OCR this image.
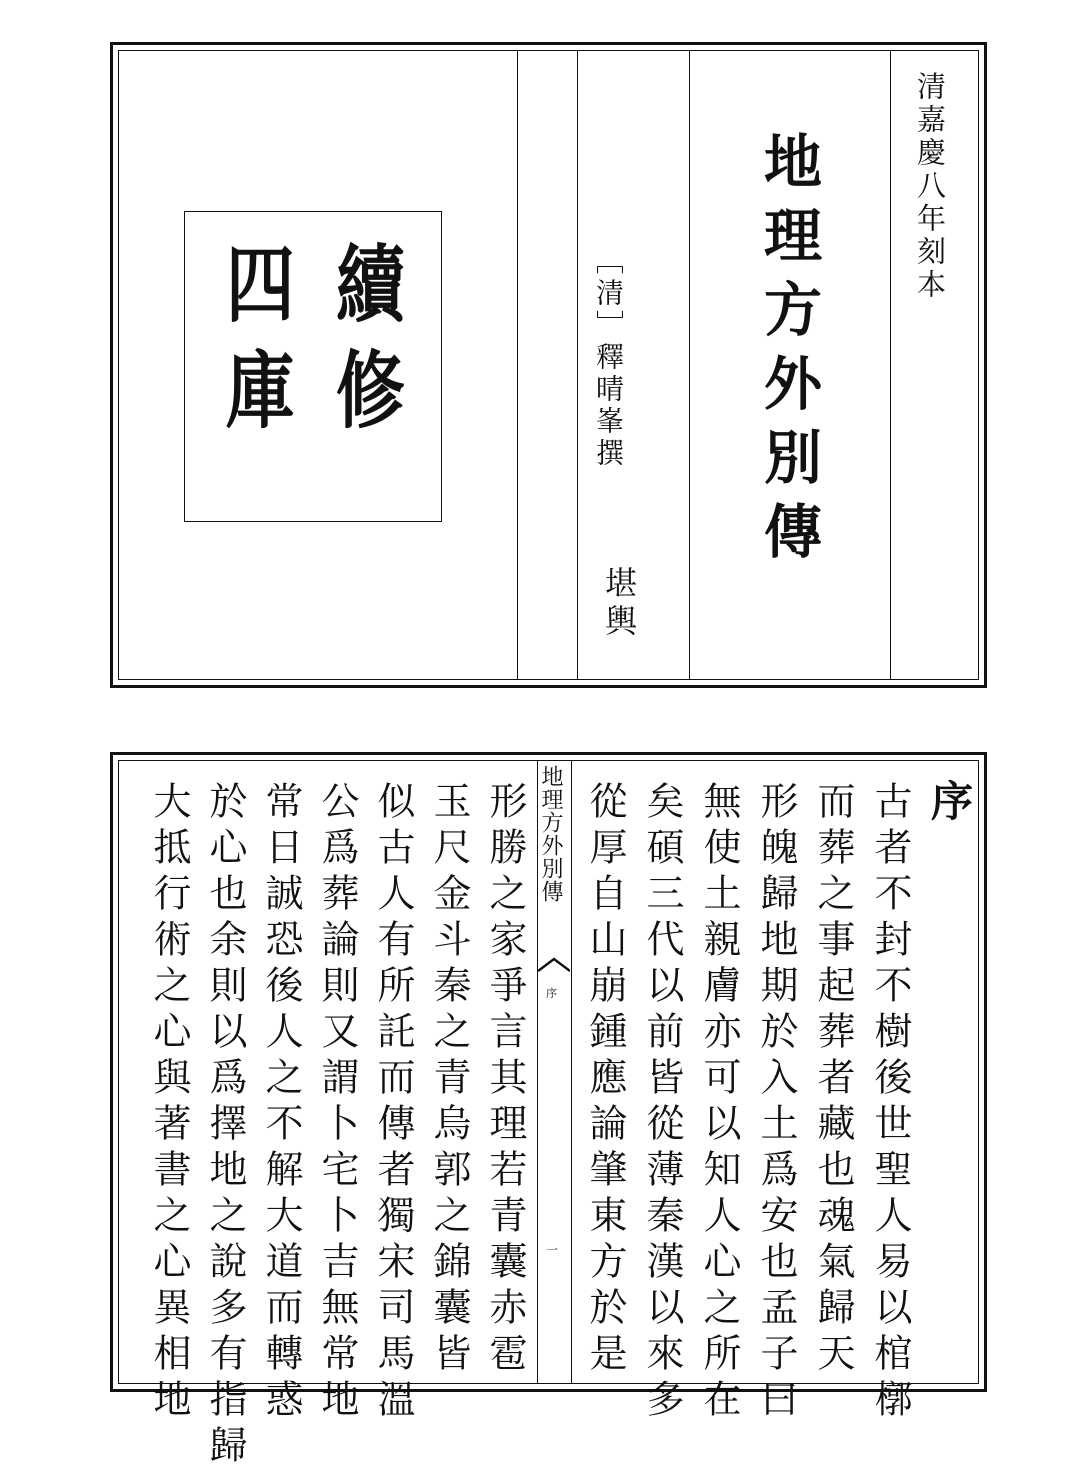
續修
四庫	［清］釋晴峯撰
堪輿
地理方外別傳	清嘉慶八年刻本
序
古者不封不樹後世聖人易以棺槨
而葬之事起葬者藏也魂氣歸天
形魄歸地期於入土爲安也孟子曰
無使土親膚亦可以知人心之所在
矣碩三代以前皆從薄秦漢以來多
從厚自山崩鍾應論肇東方於是
地理方外別傳
序
一
形勝之家爭言其理若青囊赤雹
玉尺金斗秦之青烏郭之錦囊皆
似古人有所託而傳者獨宋司馬溫
公爲葬論則又謂卜宅卜吉無常地
常日誠恐後人之不解大道而轉惑
於心也余則以爲擇地之說多有指歸
大抵行術之心與著書之心異相地
